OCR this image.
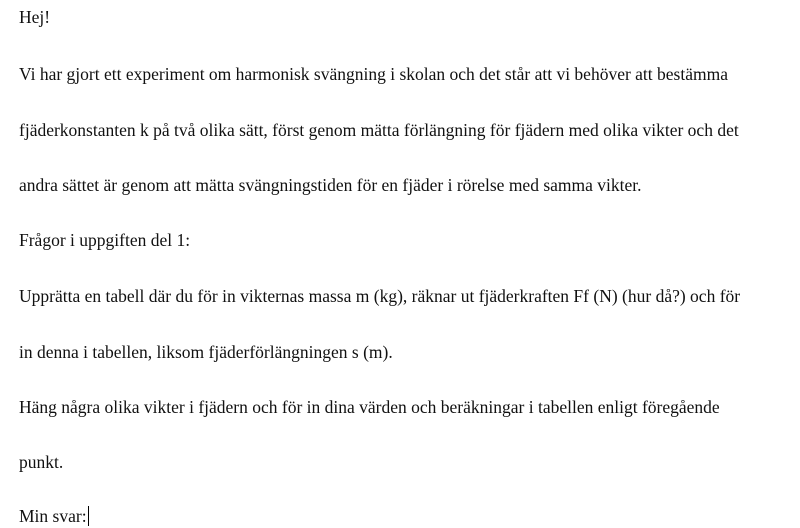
Hej!
Vi har gjort ett experiment om harmonisk svängning i skolan och det står att vi behöver att bestämma
fjäderkonstanten k på två olika sätt, först genom mätta förlängning för fjädern med olika vikter och det
andra sättet är genom att mätta svängningstiden för en fjäder i rörelse med samma vikter.
Frågor i uppgiften del 1:
Upprätta en tabell där du för in vikternas massa m (kg), räknar ut fjäderkraften Ff (N) (hur då?) och för
in denna i tabellen, liksom fjäderförlängningen s (m).
Häng några olika vikter i fjädern och för in dina värden och beräkningar i tabellen enligt föregående
punkt.
Min svar:
